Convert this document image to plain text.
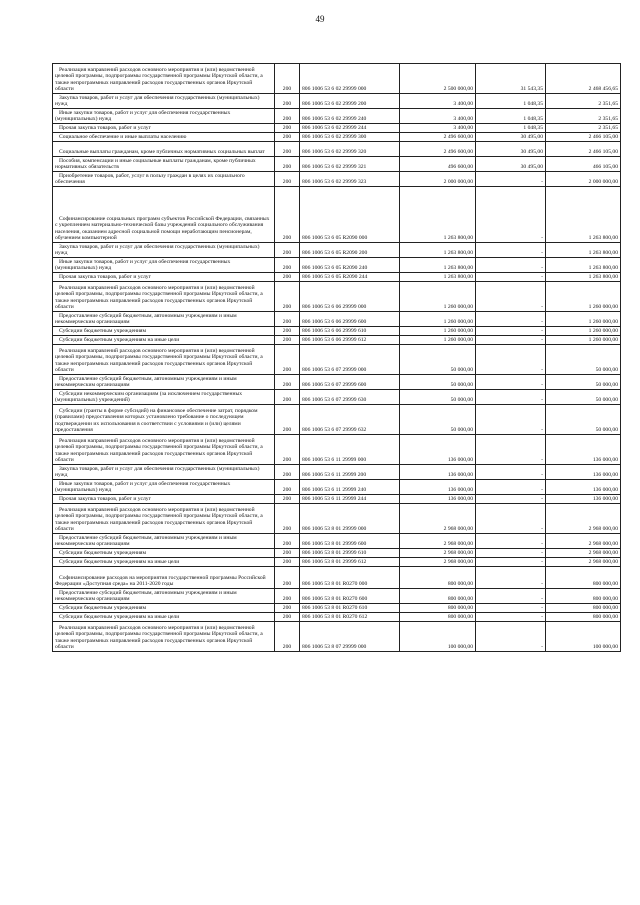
49
Реализация направлений расходов основного мероприятия и (или) ведомственной целевой программы, подпрограммы государственной программы Иркутской области, а также непрограммных направлений расходов государственных органов Иркутской области	200	806 1006 53 6 02 29999 000	2 500 000,00	31 543,35	2 468 456,65
Закупка товаров, работ и услуг для обеспечения государственных (муниципальных) нужд	200	806 1006 53 6 02 29999 200	3 400,00	1 048,35	2 351,65
Иные закупки товаров, работ и услуг для обеспечения государственных (муниципальных) нужд	200	806 1006 53 6 02 29999 240	3 400,00	1 048,35	2 351,65
Прочая закупка товаров, работ и услуг	200	806 1006 53 6 02 29999 244	3 400,00	1 048,35	2 351,65
Социальное обеспечение и иные выплаты населению	200	806 1006 53 6 02 29999 300	2 496 600,00	30 495,00	2 466 105,00
Социальные выплаты гражданам, кроме публичных нормативных социальных выплат	200	806 1006 53 6 02 29999 320	2 496 600,00	30 495,00	2 466 105,00
Пособия, компенсации и иные социальные выплаты гражданам, кроме публичных нормативных обязательств	200	806 1006 53 6 02 29999 321	496 600,00	30 495,00	466 105,00
Приобретение товаров, работ, услуг в пользу граждан в целях их социального обеспечения	200	806 1006 53 6 02 29999 323	2 000 000,00	-	2 000 000,00
Софинансирование социальных программ субъектов Российской Федерации, связанных с укреплением материально-технической базы учреждений социального обслуживания населения, оказанием адресной социальной помощи неработающим пенсионерам, обучением компьютерной	200	806 1006 53 6 05 R2090 000	1 263 800,00	-	1 263 800,00
Закупка товаров, работ и услуг для обеспечения государственных (муниципальных) нужд	200	806 1006 53 6 05 R2090 200	1 263 800,00	-	1 263 800,00
Иные закупки товаров, работ и услуг для обеспечения государственных (муниципальных) нужд	200	806 1006 53 6 05 R2090 240	1 263 800,00	-	1 263 800,00
Прочая закупка товаров, работ и услуг	200	806 1006 53 6 05 R2090 244	1 263 800,00	-	1 263 800,00
Реализация направлений расходов основного мероприятия и (или) ведомственной целевой программы, подпрограммы государственной программы Иркутской области, а также непрограммных направлений расходов государственных органов Иркутской области	200	806 1006 53 6 06 29999 000	1 260 000,00	-	1 260 000,00
Предоставление субсидий бюджетным, автономным учреждениям и иным некоммерческим организациям	200	806 1006 53 6 06 29999 600	1 260 000,00	-	1 260 000,00
Субсидии бюджетным учреждениям	200	806 1006 53 6 06 29999 610	1 260 000,00	-	1 260 000,00
Субсидии бюджетным учреждениям на иные цели	200	806 1006 53 6 06 29999 612	1 260 000,00	-	1 260 000,00
Реализация направлений расходов основного мероприятия и (или) ведомственной целевой программы, подпрограммы государственной программы Иркутской области, а также непрограммных направлений расходов государственных органов Иркутской области	200	806 1006 53 6 07 29999 000	50 000,00	-	50 000,00
Предоставление субсидий бюджетным, автономным учреждениям и иным некоммерческим организациям	200	806 1006 53 6 07 29999 600	50 000,00	-	50 000,00
Субсидии некоммерческим организациям (за исключением государственных (муниципальных) учреждений)	200	806 1006 53 6 07 29999 630	50 000,00	-	50 000,00
Субсидии (гранты в форме субсидий) на финансовое обеспечение затрат, порядком (правилами) предоставления которых установлено требование о последующем подтверждении их использования в соответствии с условиями и (или) целями предоставления	200	806 1006 53 6 07 29999 632	50 000,00	-	50 000,00
Реализация направлений расходов основного мероприятия и (или) ведомственной целевой программы, подпрограммы государственной программы Иркутской области, а также непрограммных направлений расходов государственных органов Иркутской области	200	806 1006 53 6 11 29999 000	136 000,00	-	136 000,00
Закупка товаров, работ и услуг для обеспечения государственных (муниципальных) нужд	200	806 1006 53 6 11 29999 200	136 000,00	-	136 000,00
Иные закупки товаров, работ и услуг для обеспечения государственных (муниципальных) нужд	200	806 1006 53 6 11 29999 240	136 000,00	-	136 000,00
Прочая закупка товаров, работ и услуг	200	806 1006 53 6 11 29999 244	136 000,00	-	136 000,00
Реализация направлений расходов основного мероприятия и (или) ведомственной целевой программы, подпрограммы государственной программы Иркутской области, а также непрограммных направлений расходов государственных органов Иркутской области	200	806 1006 53 8 01 29999 000	2 968 000,00	-	2 968 000,00
Предоставление субсидий бюджетным, автономным учреждениям и иным некоммерческим организациям	200	806 1006 53 8 01 29999 600	2 968 000,00	-	2 968 000,00
Субсидии бюджетным учреждениям	200	806 1006 53 8 01 29999 610	2 968 000,00	-	2 968 000,00
Субсидии бюджетным учреждениям на иные цели	200	806 1006 53 8 01 29999 612	2 968 000,00	-	2 968 000,00
Софинансирование расходов на мероприятия государственной программы Российской Федерации «Доступная среда» на 2011-2020 годы	200	806 1006 53 8 01 R0270 000	800 000,00	-	800 000,00
Предоставление субсидий бюджетным, автономным учреждениям и иным некоммерческим организациям	200	806 1006 53 8 01 R0270 600	800 000,00	-	800 000,00
Субсидии бюджетным учреждениям	200	806 1006 53 8 01 R0270 610	800 000,00	-	800 000,00
Субсидии бюджетным учреждениям на иные цели	200	806 1006 53 8 01 R0270 612	800 000,00	-	800 000,00
Реализация направлений расходов основного мероприятия и (или) ведомственной целевой программы, подпрограммы государственной программы Иркутской области, а также непрограммных направлений расходов государственных органов Иркутской области	200	806 1006 53 8 07 29999 000	100 000,00	-	100 000,00
